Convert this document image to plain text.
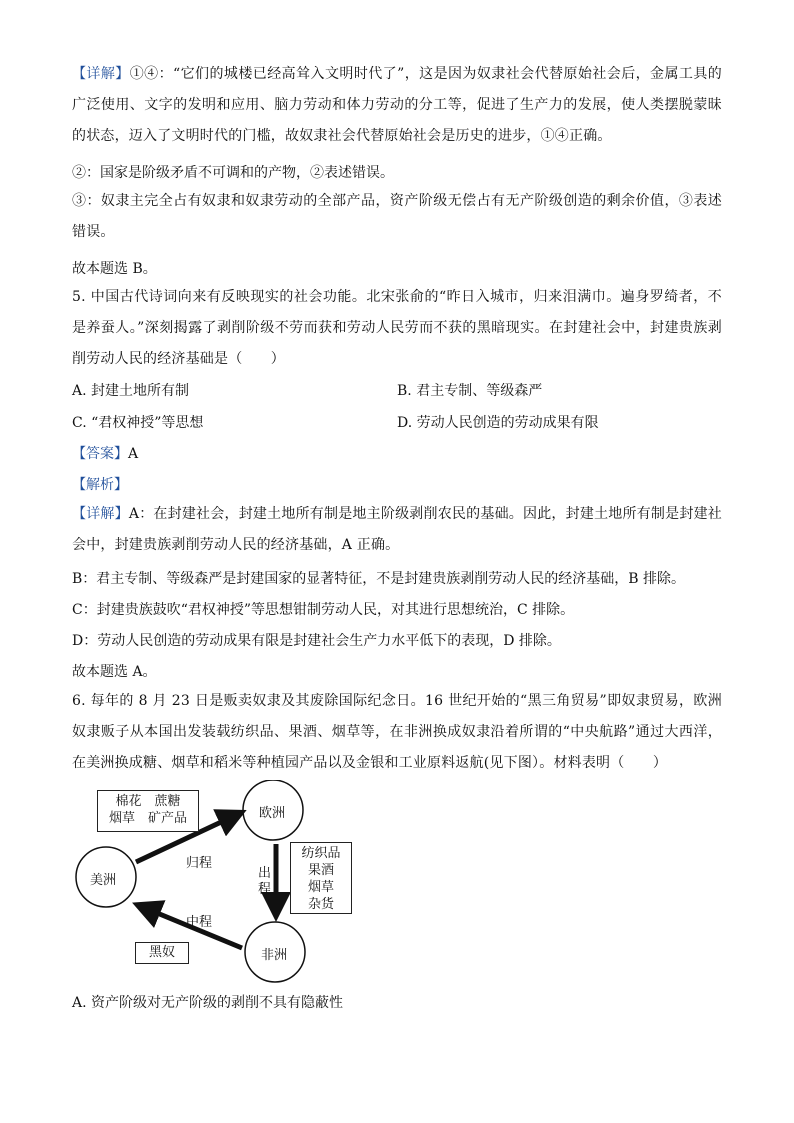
【详解】①④：“它们的城楼已经高耸入文明时代了”，这是因为奴隶社会代替原始社会后，金属工具的广泛使用、文字的发明和应用、脑力劳动和体力劳动的分工等，促进了生产力的发展，使人类摆脱蒙昧的状态，迈入了文明时代的门槛，故奴隶社会代替原始社会是历史的进步，①④正确。
②：国家是阶级矛盾不可调和的产物，②表述错误。
③：奴隶主完全占有奴隶和奴隶劳动的全部产品，资产阶级无偿占有无产阶级创造的剩余价值，③表述错误。
故本题选 B。
5. 中国古代诗词向来有反映现实的社会功能。北宋张俞的“昨日入城市，归来泪满巾。遍身罗绮者，不是养蚕人。”深刻揭露了剥削阶级不劳而获和劳动人民劳而不获的黑暗现实。在封建社会中，封建贵族剥削劳动人民的经济基础是（　　）
A. 封建土地所有制	B. 君主专制、等级森严
C. “君权神授”等思想	D. 劳动人民创造的劳动成果有限
【答案】A
【解析】
【详解】A：在封建社会，封建土地所有制是地主阶级剥削农民的基础。因此，封建土地所有制是封建社会中，封建贵族剥削劳动人民的经济基础，A 正确。
B：君主专制、等级森严是封建国家的显著特征，不是封建贵族剥削劳动人民的经济基础，B 排除。
C：封建贵族鼓吹“君权神授”等思想钳制劳动人民，对其进行思想统治，C 排除。
D：劳动人民创造的劳动成果有限是封建社会生产力水平低下的表现，D 排除。
故本题选 A。
6. 每年的 8 月 23 日是贩卖奴隶及其废除国际纪念日。16 世纪开始的“黑三角贸易”即奴隶贸易，欧洲奴隶贩子从本国出发装载纺织品、果酒、烟草等，在非洲换成奴隶沿着所谓的“中央航路”通过大西洋，在美洲换成糖、烟草和稻米等种植园产品以及金银和工业原料返航(见下图）。材料表明（　　）
美洲
欧洲
非洲
归程
出
程
中程
棉花　蔗糖
烟草　矿产品
纺织品
果酒
烟草
杂货
黑奴
A. 资产阶级对无产阶级的剥削不具有隐蔽性
